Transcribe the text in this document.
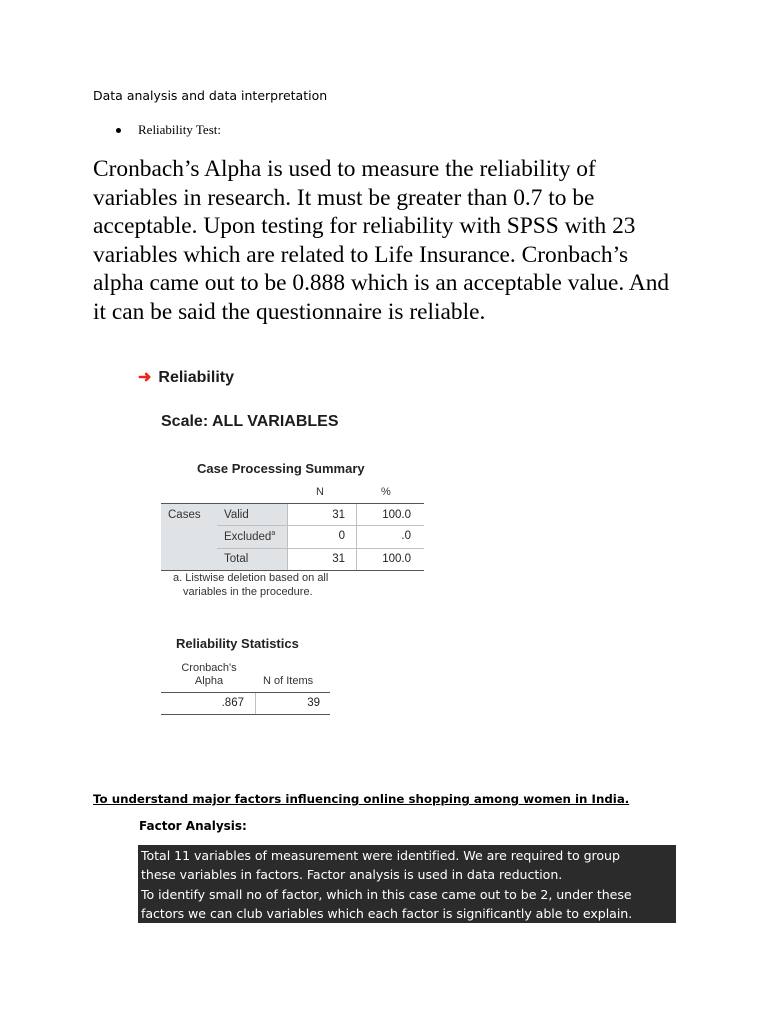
Data analysis and data interpretation
Reliability Test:
Cronbach’s Alpha is used to measure the reliability of variables in research. It must be greater than 0.7 to be acceptable. Upon testing for reliability with SPSS with 23 variables which are related to Life Insurance. Cronbach’s alpha came out to be 0.888 which is an acceptable value. And it can be said the questionnaire is reliable.
➜ Reliability
Scale: ALL VARIABLES
Case Processing Summary
N	%
Cases Valid	31	100.0
Excluded$^a$	0	.0
Total	31	100.0
a. Listwise deletion based on all
variables in the procedure.
Reliability Statistics
Cronbach's
Alpha	N of Items
.867	39
To understand major factors influencing online shopping among women in India.
Factor Analysis:
Total 11 variables of measurement were identified. We are required to group
these variables in factors. Factor analysis is used in data reduction.
To identify small no of factor, which in this case came out to be 2, under these
factors we can club variables which each factor is significantly able to explain.
